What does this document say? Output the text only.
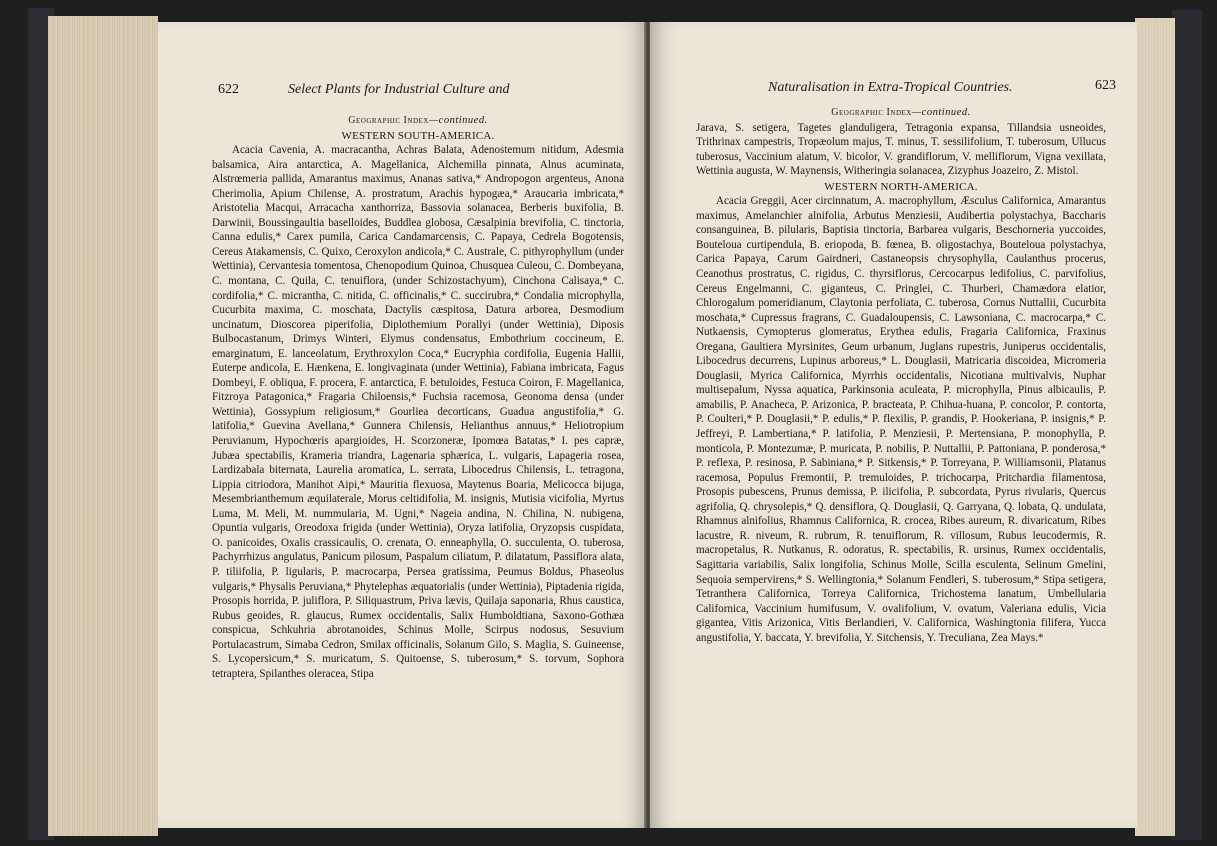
622	Select Plants for Industrial Culture and

Geographic Index—continued.

WESTERN SOUTH-AMERICA.

Acacia Cavenia, A. macracantha, Achras Balata, Adenostemum nitidum, Adesmia balsamica, Aira antarctica, A. Magellanica, Alchemilla pinnata, Alnus acuminata, Alstrœmeria pallida, Amarantus maximus, Ananas sativa,* Andropogon argenteus, Anona Cherimolia, Apium Chilense, A. prostratum, Arachis hypogæa,* Araucaria imbricata,* Aristotelia Macqui, Arracacha xanthorriza, Bassovia solanacea, Berberis buxifolia, B. Darwinii, Boussingaultia baselloides, Buddlea globosa, Cæsalpinia brevifolia, C. tinctoria, Canna edulis,* Carex pumila, Carica Candamarcensis, C. Papaya, Cedrela Bogotensis, Cereus Atakamensis, C. Quixo, Ceroxylon andicola,* C. Australe, C. pithyrophyllum (under Wettinia), Cervantesia tomentosa, Chenopodium Quinoa, Chusquea Culeou, C. Dombeyana, C. montana, C. Quila, C. tenuiflora, (under Schizostachyum), Cinchona Calisaya,* C. cordifolia,* C. micrantha, C. nitida, C. officinalis,* C. succirubra,* Condalia microphylla, Cucurbita maxima, C. moschata, Dactylis cæspitosa, Datura arborea, Desmodium uncinatum, Dioscorea piperifolia, Diplothemium Porallyi (under Wettinia), Diposis Bulbocastanum, Drimys Winteri, Elymus condensatus, Embothrium coccineum, E. emarginatum, E. lanceolatum, Erythroxylon Coca,* Eucryphia cordifolia, Eugenia Hallii, Euterpe andicola, E. Hænkena, E. longivaginata (under Wettinia), Fabiana imbricata, Fagus Dombeyi, F. obliqua, F. procera, F. antarctica, F. betuloides, Festuca Coiron, F. Magellanica, Fitzroya Patagonica,* Fragaria Chiloensis,* Fuchsia racemosa, Geonoma densa (under Wettinia), Gossypium religiosum,* Gourliea decorticans, Guadua angustifolia,* G. latifolia,* Guevina Avellana,* Gunnera Chilensis, Helianthus annuus,* Heliotropium Peruvianum, Hypochœris apargioides, H. Scorzoneræ, Ipomœa Batatas,* I. pes capræ, Jubæa spectabilis, Krameria triandra, Lagenaria sphærica, L. vulgaris, Lapageria rosea, Lardizabala biternata, Laurelia aromatica, L. serrata, Libocedrus Chilensis, L. tetragona, Lippia citriodora, Manihot Aipi,* Mauritia flexuosa, Maytenus Boaria, Melicocca bijuga, Mesembrianthemum æquilaterale, Morus celtidifolia, M. insignis, Mutisia vicifolia, Myrtus Luma, M. Meli, M. nummularia, M. Ugni,* Nageia andina, N. Chilina, N. nubigena, Opuntia vulgaris, Oreodoxa frigida (under Wettinia), Oryza latifolia, Oryzopsis cuspidata, O. panicoides, Oxalis crassicaulis, O. crenata, O. enneaphylla, O. succulenta, O. tuberosa, Pachyrrhizus angulatus, Panicum pilosum, Paspalum ciliatum, P. dilatatum, Passiflora alata, P. tiliifolia, P. ligularis, P. macrocarpa, Persea gratissima, Peumus Boldus, Phaseolus vulgaris,* Physalis Peruviana,* Phytelephas æquatorialis (under Wettinia), Piptadenia rigida, Prosopis horrida, P. juliflora, P. Siliquastrum, Priva lævis, Quilaja saponaria, Rhus caustica, Rubus geoides, R. glaucus, Rumex occidentalis, Salix Humboldtiana, Saxono-Gothæa conspicua, Schkuhria abrotanoides, Schinus Molle, Scirpus nodosus, Sesuvium Portulacastrum, Simaba Cedron, Smilax officinalis, Solanum Gilo, S. Maglia, S. Guineense, S. Lycopersicum,* S. muricatum, S. Quitoense, S. tuberosum,* S. torvum, Sophora tetraptera, Spilanthes oleracea, Stipa

Naturalisation in Extra-Tropical Countries.	623

Geographic Index—continued.

Jarava, S. setigera, Tagetes glanduligera, Tetragonia expansa, Tillandsia usneoides, Trithrinax campestris, Tropæolum majus, T. minus, T. sessilifolium, T. tuberosum, Ullucus tuberosus, Vaccinium alatum, V. bicolor, V. grandiflorum, V. melliflorum, Vigna vexillata, Wettinia augusta, W. Maynensis, Witheringia solanacea, Zizyphus Joazeiro, Z. Mistol.

WESTERN NORTH-AMERICA.

Acacia Greggii, Acer circinnatum, A. macrophyllum, Æsculus Californica, Amarantus maximus, Amelanchier alnifolia, Arbutus Menziesii, Audibertia polystachya, Baccharis consanguinea, B. pilularis, Baptisia tinctoria, Barbarea vulgaris, Beschorneria yuccoides, Bouteloua curtipendula, B. eriopoda, B. fœnea, B. oligostachya, Bouteloua polystachya, Carica Papaya, Carum Gairdneri, Castaneopsis chrysophylla, Caulanthus procerus, Ceanothus prostratus, C. rigidus, C. thyrsiflorus, Cercocarpus ledifolius, C. parvifolius, Cereus Engelmanni, C. giganteus, C. Pringlei, C. Thurberi, Chamædora elatior, Chlorogalum pomeridianum, Claytonia perfoliata, C. tuberosa, Cornus Nuttallii, Cucurbita moschata,* Cupressus fragrans, C. Guadaloupensis, C. Lawsoniana, C. macrocarpa,* C. Nutkaensis, Cymopterus glomeratus, Erythea edulis, Fragaria Californica, Fraxinus Oregana, Gaultiera Myrsinites, Geum urbanum, Juglans rupestris, Juniperus occidentalis, Libocedrus decurrens, Lupinus arboreus,* L. Douglasii, Matricaria discoidea, Micromeria Douglasii, Myrica Californica, Myrrhis occidentalis, Nicotiana multivalvis, Nuphar multisepalum, Nyssa aquatica, Parkinsonia aculeata, P. microphylla, Pinus albicaulis, P. amabilis, P. Anacheca, P. Arizonica, P. bracteata, P. Chihua-huana, P. concolor, P. contorta, P. Coulteri,* P. Douglasii,* P. edulis,* P. flexilis, P. grandis, P. Hookeriana, P. insignis,* P. Jeffreyi, P. Lambertiana,* P. latifolia, P. Menziesii, P. Mertensiana, P. monophylla, P. monticola, P. Montezumæ, P. muricata, P. nobilis, P. Nuttallii, P. Pattoniana, P. ponderosa,* P. reflexa, P. resinosa, P. Sabiniana,* P. Sitkensis,* P. Torreyana, P. Williamsonii, Platanus racemosa, Populus Fremontii, P. tremuloides, P. trichocarpa, Pritchardia filamentosa, Prosopis pubescens, Prunus demissa, P. ilicifolia, P. subcordata, Pyrus rivularis, Quercus agrifolia, Q. chrysolepis,* Q. densiflora, Q. Douglasii, Q. Garryana, Q. lobata, Q. undulata, Rhamnus alnifolius, Rhamnus Californica, R. crocea, Ribes aureum, R. divaricatum, Ribes lacustre, R. niveum, R. rubrum, R. tenuiflorum, R. villosum, Rubus leucodermis, R. macropetalus, R. Nutkanus, R. odoratus, R. spectabilis, R. ursinus, Rumex occidentalis, Sagittaria variabilis, Salix longifolia, Schinus Molle, Scilla esculenta, Selinum Gmelini, Sequoia sempervirens,* S. Wellingtonia,* Solanum Fendleri, S. tuberosum,* Stipa setigera, Tetranthera Californica, Torreya Californica, Trichostema lanatum, Umbellularia Californica, Vaccinium humifusum, V. ovalifolium, V. ovatum, Valeriana edulis, Vicia gigantea, Vitis Arizonica, Vitis Berlandieri, V. Californica, Washingtonia filifera, Yucca angustifolia, Y. baccata, Y. brevifolia, Y. Sitchensis, Y. Treculiana, Zea Mays.*
